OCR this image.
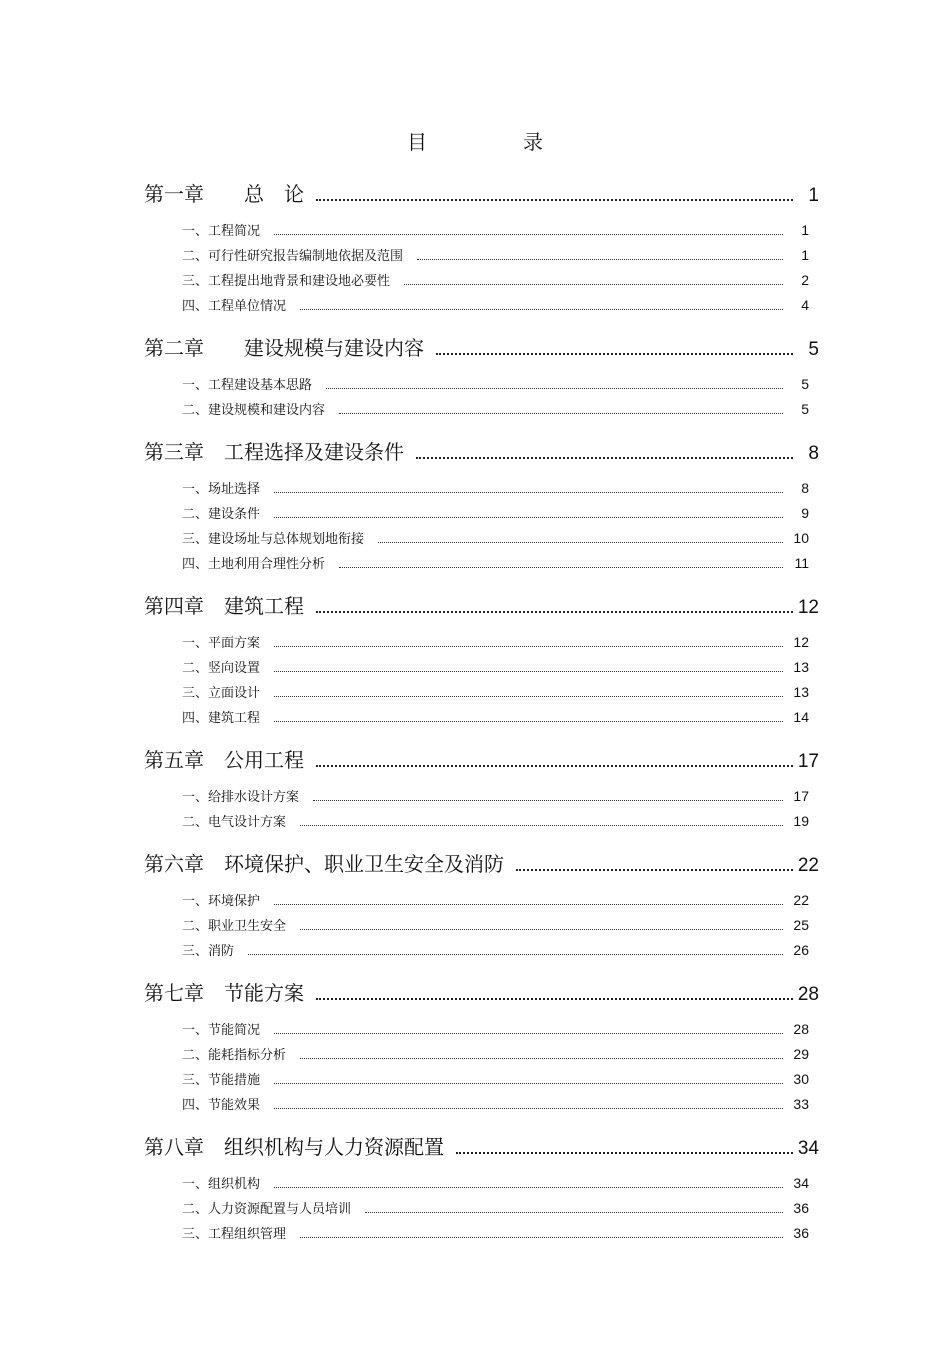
目　录
第一章　　总　论	1
一、工程简况	1
二、可行性研究报告编制地依据及范围	1
三、工程提出地背景和建设地必要性	2
四、工程单位情况	4
第二章　　建设规模与建设内容	5
一、工程建设基本思路	5
二、建设规模和建设内容	5
第三章　工程选择及建设条件	8
一、场址选择	8
二、建设条件	9
三、建设场址与总体规划地衔接	10
四、土地利用合理性分析	11
第四章　建筑工程	12
一、平面方案	12
二、竖向设置	13
三、立面设计	13
四、建筑工程	14
第五章　公用工程	17
一、给排水设计方案	17
二、电气设计方案	19
第六章　环境保护、职业卫生安全及消防	22
一、环境保护	22
二、职业卫生安全	25
三、消防	26
第七章　节能方案	28
一、节能简况	28
二、能耗指标分析	29
三、节能措施	30
四、节能效果	33
第八章　组织机构与人力资源配置	34
一、组织机构	34
二、人力资源配置与人员培训	36
三、工程组织管理	36
